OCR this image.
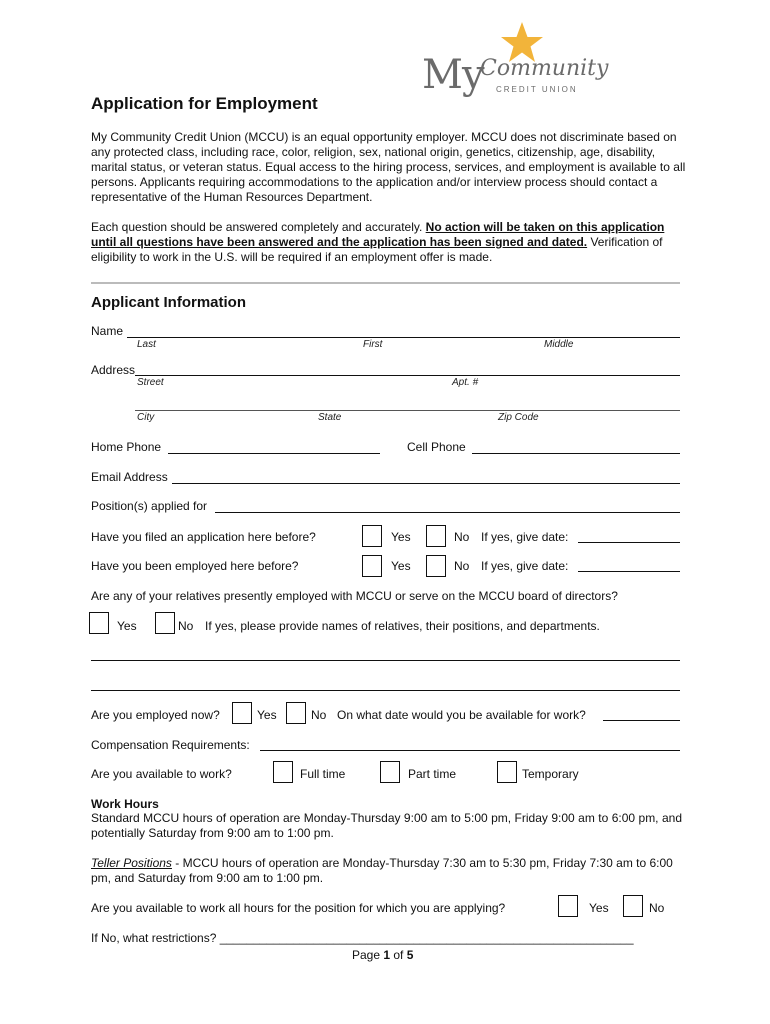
My
Community
CREDIT UNION
Application for Employment
My Community Credit Union (MCCU) is an equal opportunity employer. MCCU does not discriminate based on any protected class, including race, color, religion, sex, national origin, genetics, citizenship, age, disability, marital status, or veteran status. Equal access to the hiring process, services, and employment is available to all persons. Applicants requiring accommodations to the application and/or interview process should contact a representative of the Human Resources Department.
Each question should be answered completely and accurately. No action will be taken on this application until all questions have been answered and the application has been signed and dated. Verification of eligibility to work in the U.S. will be required if an employment offer is made.
Applicant Information
Name
Last	First	Middle
Address
Street	Apt. #
City	State	Zip Code
Home Phone	Cell Phone
Email Address
Position(s) applied for
Have you filed an application here before?	Yes	No If yes, give date:
Have you been employed here before?	Yes	No If yes, give date:
Are any of your relatives presently employed with MCCU or serve on the MCCU board of directors?
Yes	No If yes, please provide names of relatives, their positions, and departments.
Are you employed now?	Yes	No On what date would you be available for work?
Compensation Requirements:
Are you available to work?	Full time	Part time	Temporary
Work Hours
Standard MCCU hours of operation are Monday-Thursday 9:00 am to 5:00 pm, Friday 9:00 am to 6:00 pm, and potentially Saturday from 9:00 am to 1:00 pm.
Teller Positions - MCCU hours of operation are Monday-Thursday 7:30 am to 5:30 pm, Friday 7:30 am to 6:00 pm, and Saturday from 9:00 am to 1:00 pm.
Are you available to work all hours for the position for which you are applying?	Yes	No
If No, what restrictions? ______________________________________________________________
Page 1 of 5
